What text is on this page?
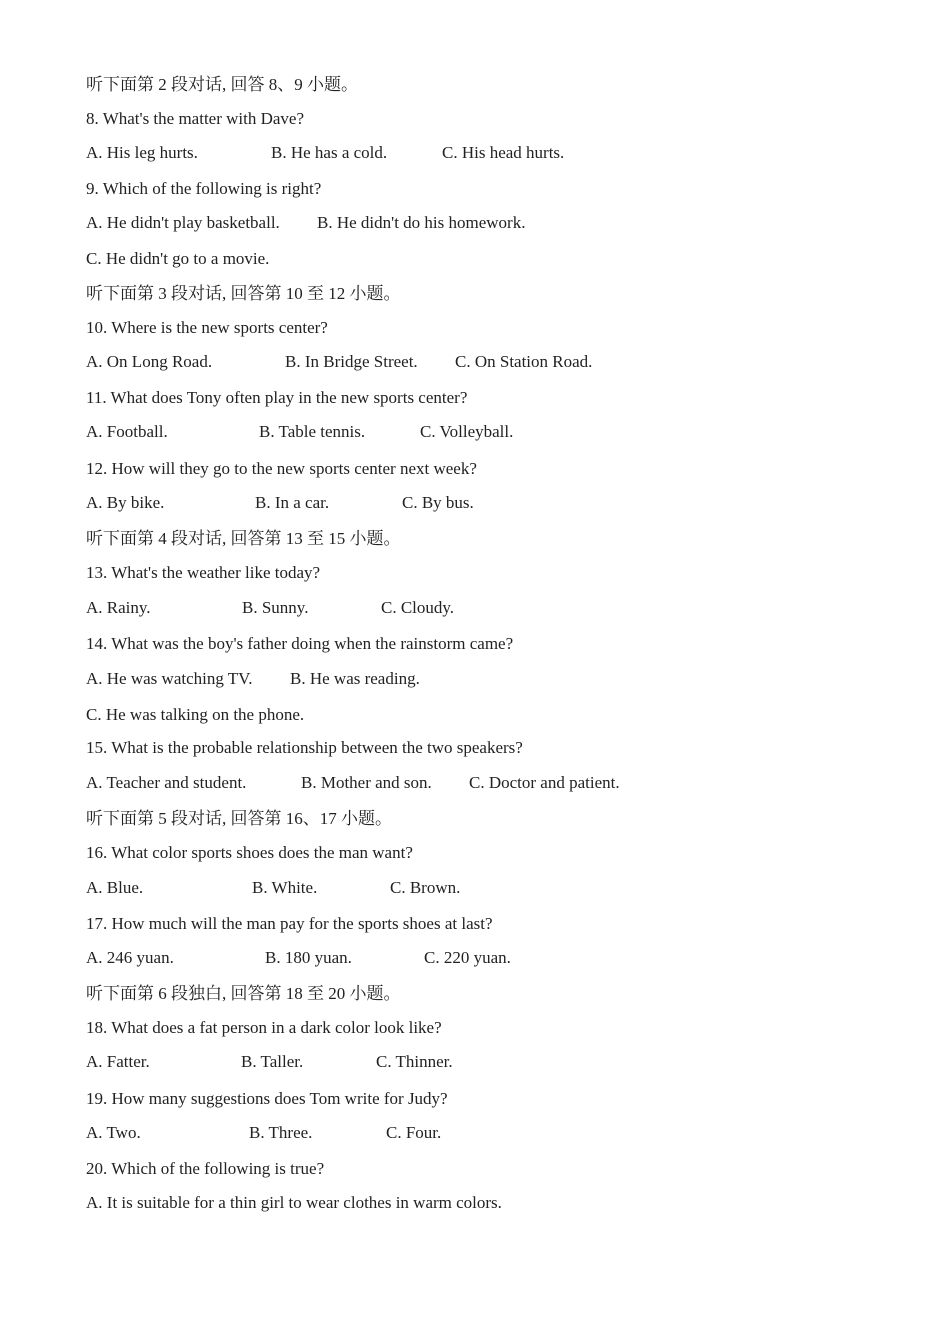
听下面第 2 段对话, 回答 8、9 小题。
8. What's the matter with Dave?
A. His leg hurts.	B. He has a cold.	C. His head hurts.
9. Which of the following is right?
A. He didn't play basketball. B. He didn't do his homework.
C. He didn't go to a movie.
听下面第 3 段对话, 回答第 10 至 12 小题。
10. Where is the new sports center?
A. On Long Road.	B. In Bridge Street. C. On Station Road.
11. What does Tony often play in the new sports center?
A. Football.	B. Table tennis.	C. Volleyball.
12. How will they go to the new sports center next week?
A. By bike.	B. In a car.	C. By bus.
听下面第 4 段对话, 回答第 13 至 15 小题。
13. What's the weather like today?
A. Rainy.	B. Sunny.	C. Cloudy.
14. What was the boy's father doing when the rainstorm came?
A. He was watching TV. B. He was reading.
C. He was talking on the phone.
15. What is the probable relationship between the two speakers?
A. Teacher and student.	B. Mother and son. C. Doctor and patient.
听下面第 5 段对话, 回答第 16、17 小题。
16. What color sports shoes does the man want?
A. Blue.	B. White.	C. Brown.
17. How much will the man pay for the sports shoes at last?
A. 246 yuan.	B. 180 yuan.	C. 220 yuan.
听下面第 6 段独白, 回答第 18 至 20 小题。
18. What does a fat person in a dark color look like?
A. Fatter.	B. Taller.	C. Thinner.
19. How many suggestions does Tom write for Judy?
A. Two.	B. Three.	C. Four.
20. Which of the following is true?
A. It is suitable for a thin girl to wear clothes in warm colors.
